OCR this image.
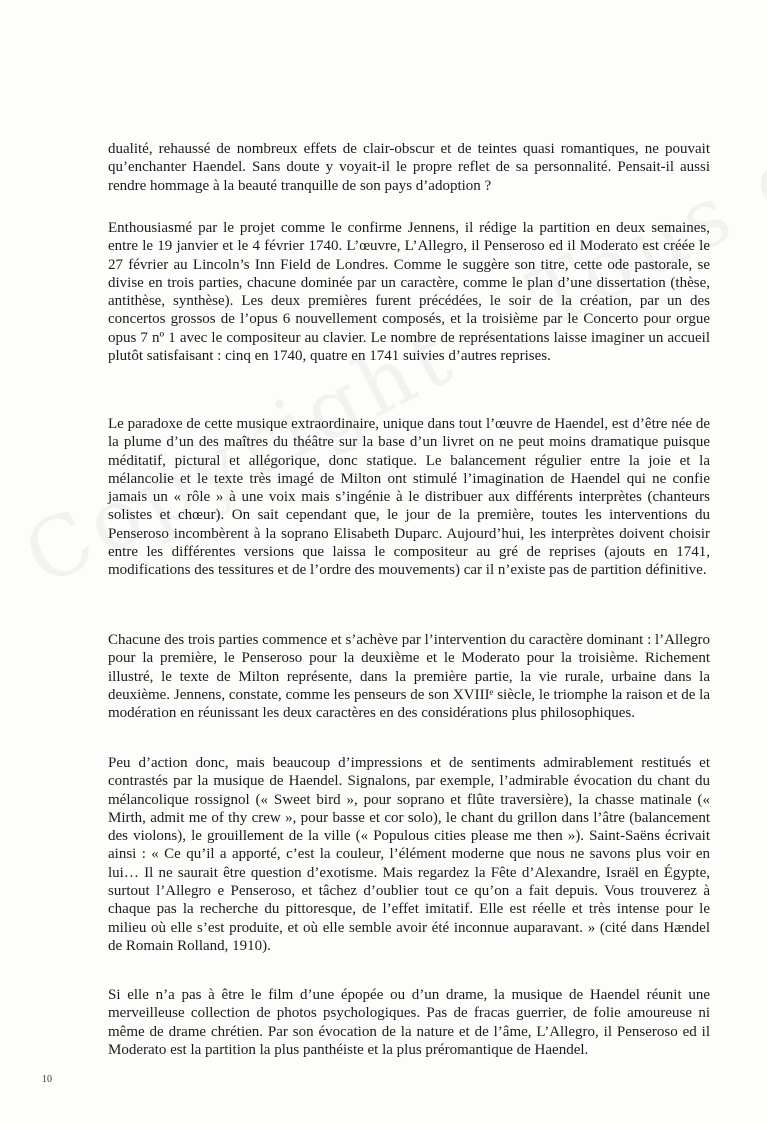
dualité, rehaussé de nombreux effets de clair-obscur et de teintes quasi romantiques, ne pouvait qu’enchanter Haendel. Sans doute y voyait-il le propre reflet de sa personnalité. Pensait-il aussi rendre hommage à la beauté tranquille de son pays d’adoption ?

Enthousiasmé par le projet comme le confirme Jennens, il rédige la partition en deux semaines, entre le 19 janvier et le 4 février 1740. L’œuvre, L’Allegro, il Penseroso ed il Moderato est créée le 27 février au Lincoln’s Inn Field de Londres. Comme le suggère son titre, cette ode pastorale, se divise en trois parties, chacune dominée par un caractère, comme le plan d’une dissertation (thèse, antithèse, synthèse). Les deux premières furent précédées, le soir de la création, par un des concertos grossos de l’opus 6 nouvellement composés, et la troisième par le Concerto pour orgue opus 7 nº 1 avec le compositeur au clavier. Le nombre de représentations laisse imaginer un accueil plutôt satisfaisant : cinq en 1740, quatre en 1741 suivies d’autres reprises.

Le paradoxe de cette musique extraordinaire, unique dans tout l’œuvre de Haendel, est d’être née de la plume d’un des maîtres du théâtre sur la base d’un livret on ne peut moins dramatique puisque méditatif, pictural et allégorique, donc statique. Le balancement régulier entre la joie et la mélancolie et le texte très imagé de Milton ont stimulé l’imagination de Haendel qui ne confie jamais un « rôle » à une voix mais s’ingénie à le distribuer aux différents interprètes (chanteurs solistes et chœur). On sait cependant que, le jour de la première, toutes les interventions du Penseroso incombèrent à la soprano Elisabeth Duparc. Aujourd’hui, les interprètes doivent choisir entre les différentes versions que laissa le compositeur au gré de reprises (ajouts en 1741, modifications des tessitures et de l’ordre des mouvements) car il n’existe pas de partition définitive.

Chacune des trois parties commence et s’achève par l’intervention du caractère dominant : l’Allegro pour la première, le Penseroso pour la deuxième et le Moderato pour la troisième. Richement illustré, le texte de Milton représente, dans la première partie, la vie rurale, urbaine dans la deuxième. Jennens, constate, comme les penseurs de son XVIIIᵉ siècle, le triomphe la raison et de la modération en réunissant les deux caractères en des considérations plus philosophiques.

Peu d’action donc, mais beaucoup d’impressions et de sentiments admirablement restitués et contrastés par la musique de Haendel. Signalons, par exemple, l’admirable évocation du chant du mélancolique rossignol (« Sweet bird », pour soprano et flûte traversière), la chasse matinale (« Mirth, admit me of thy crew », pour basse et cor solo), le chant du grillon dans l’âtre (balancement des violons), le grouillement de la ville (« Populous cities please me then »). Saint-Saëns écrivait ainsi : « Ce qu’il a apporté, c’est la couleur, l’élément moderne que nous ne savons plus voir en lui… Il ne saurait être question d’exotisme. Mais regardez la Fête d’Alexandre, Israël en Égypte, surtout l’Allegro e Penseroso, et tâchez d’oublier tout ce qu’on a fait depuis. Vous trouverez à chaque pas la recherche du pittoresque, de l’effet imitatif. Elle est réelle et très intense pour le milieu où elle s’est produite, et où elle semble avoir été inconnue auparavant. » (cité dans Hændel de Romain Rolland, 1910).

Si elle n’a pas à être le film d’une épopée ou d’un drame, la musique de Haendel réunit une merveilleuse collection de photos psychologiques. Pas de fracas guerrier, de folie amoureuse ni même de drame chrétien. Par son évocation de la nature et de l’âme, L’Allegro, il Penseroso ed il Moderato est la partition la plus panthéiste et la plus préromantique de Haendel.

10
